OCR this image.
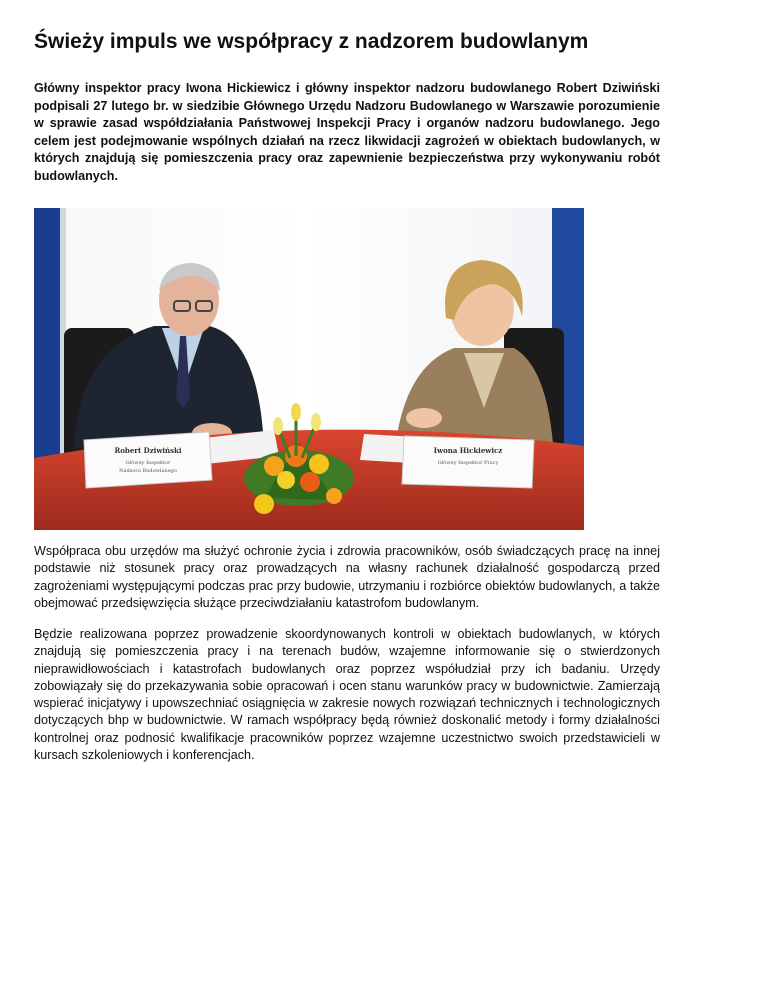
Świeży impuls we współpracy z nadzorem budowlanym

Główny inspektor pracy Iwona Hickiewicz i główny inspektor nadzoru budowlanego Robert Dziwiński podpisali 27 lutego br. w siedzibie Głównego Urzędu Nadzoru Budowlanego w Warszawie porozumienie w sprawie zasad współdziałania Państwowej Inspekcji Pracy i organów nadzoru budowlanego. Jego celem jest podejmowanie wspólnych działań na rzecz likwidacji zagrożeń w obiektach budowlanych, w których znajdują się pomieszczenia pracy oraz zapewnienie bezpieczeństwa przy wykonywaniu robót budowlanych.

Robert Dziwiński
Główny Inspektor
Nadzoru Budowlanego
Iwona Hickiewicz
Główny Inspektor Pracy

Współpraca obu urzędów ma służyć ochronie życia i zdrowia pracowników, osób świadczących pracę na innej podstawie niż stosunek pracy oraz prowadzących na własny rachunek działalność gospodarczą przed zagrożeniami występującymi podczas prac przy budowie, utrzymaniu i rozbiórce obiektów budowlanych, a także obejmować przedsięwzięcia służące przeciwdziałaniu katastrofom budowlanym.

Będzie realizowana poprzez prowadzenie skoordynowanych kontroli w obiektach budowlanych, w których znajdują się pomieszczenia pracy i na terenach budów, wzajemne informowanie się o stwierdzonych nieprawidłowościach i katastrofach budowlanych oraz poprzez współudział przy ich badaniu. Urzędy zobowiązały się do przekazywania sobie opracowań i ocen stanu warunków pracy w budownictwie. Zamierzają wspierać inicjatywy i upowszechniać osiągnięcia w zakresie nowych rozwiązań technicznych i technologicznych dotyczących bhp w budownictwie. W ramach współpracy będą również doskonalić metody i formy działalności kontrolnej oraz podnosić kwalifikacje pracowników poprzez wzajemne uczestnictwo swoich przedstawicieli w kursach szkoleniowych i konferencjach.
